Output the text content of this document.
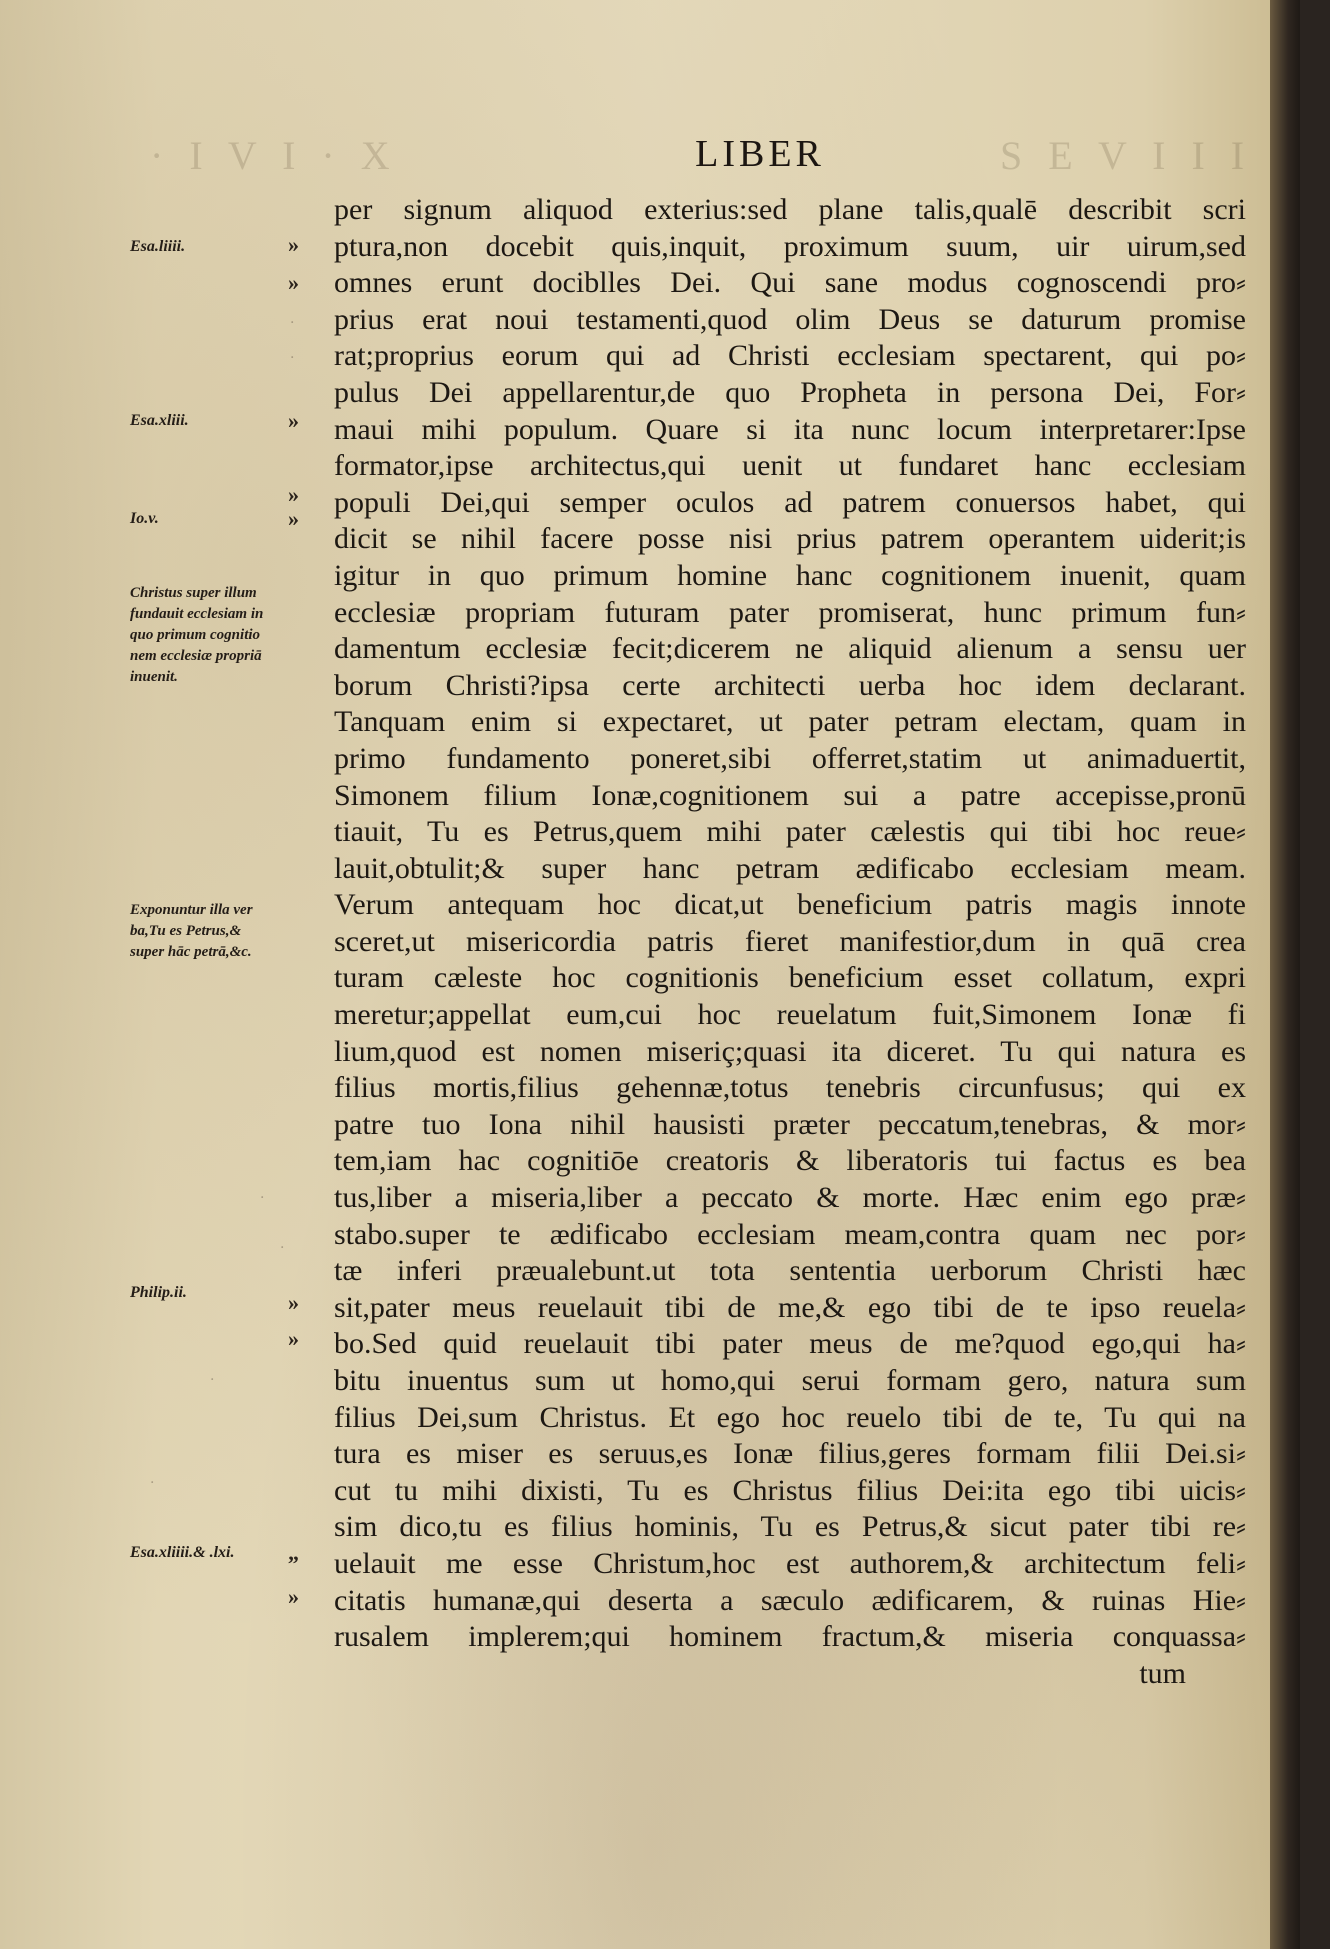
· I V I · X	S E V I I I
LIBER
per signum aliquod exterius:sed plane talis,qualē describit scri
ptura,non docebit quis,inquit, proximum suum, uir uirum,sed
omnes erunt dociblles Dei. Qui sane modus cognoscendi pro⸗
prius erat noui testamenti,quod olim Deus se daturum promise
rat;proprius eorum qui ad Christi ecclesiam spectarent, qui po⸗
pulus Dei appellarentur,de quo Propheta in persona Dei, For⸗
maui mihi populum. Quare si ita nunc locum interpretarer:Ipse
formator,ipse architectus,qui uenit ut fundaret hanc ecclesiam
populi Dei,qui semper oculos ad patrem conuersos habet, qui
dicit se nihil facere posse nisi prius patrem operantem uiderit;is
igitur in quo primum homine hanc cognitionem inuenit, quam
ecclesiæ propriam futuram pater promiserat, hunc primum fun⸗
damentum ecclesiæ fecit;dicerem ne aliquid alienum a sensu uer
borum Christi?ipsa certe architecti uerba hoc idem declarant.
Tanquam enim si expectaret, ut pater petram electam, quam in
primo fundamento poneret,sibi offerret,statim ut animaduertit,
Simonem filium Ionæ,cognitionem sui a patre accepisse,pronū
tiauit, Tu es Petrus,quem mihi pater cælestis qui tibi hoc reue⸗
lauit,obtulit;& super hanc petram ædificabo ecclesiam meam.
Verum antequam hoc dicat,ut beneficium patris magis innote
sceret,ut misericordia patris fieret manifestior,dum in quā crea
turam cæleste hoc cognitionis beneficium esset collatum, expri
meretur;appellat eum,cui hoc reuelatum fuit,Simonem Ionæ fi
lium,quod est nomen miseriç;quasi ita diceret. Tu qui natura es
filius mortis,filius gehennæ,totus tenebris circunfusus; qui ex
patre tuo Iona nihil hausisti præter peccatum,tenebras, & mor⸗
tem,iam hac cognitiōe creatoris & liberatoris tui factus es bea
tus,liber a miseria,liber a peccato & morte. Hæc enim ego præ⸗
stabo.super te ædificabo ecclesiam meam,contra quam nec por⸗
tæ inferi præualebunt.ut tota sententia uerborum Christi hæc
sit,pater meus reuelauit tibi de me,& ego tibi de te ipso reuela⸗
bo.Sed quid reuelauit tibi pater meus de me?quod ego,qui ha⸗
bitu inuentus sum ut homo,qui serui formam gero, natura sum
filius Dei,sum Christus. Et ego hoc reuelo tibi de te, Tu qui na
tura es miser es seruus,es Ionæ filius,geres formam filii Dei.si⸗
cut tu mihi dixisti, Tu es Christus filius Dei:ita ego tibi uicis⸗
sim dico,tu es filius hominis, Tu es Petrus,& sicut pater tibi re⸗
uelauit me esse Christum,hoc est authorem,& architectum feli⸗
citatis humanæ,qui deserta a sæculo ædificarem, & ruinas Hie⸗
rusalem implerem;qui hominem fractum,& miseria conquassa⸗
tum
Esa.liiii.
Esa.xliii.
Io.v.
Christus super illum
fundauit ecclesiam in
quo primum cognitio
nem ecclesiæ propriā
inuenit.
Exponuntur illa ver
ba,Tu es Petrus,&
super hāc petrā,&c.
Philip.ii.
Esa.xliiii.& .lxi.
»
»
»
»
»
»
»
„
»
·
·
·
·
·
·
